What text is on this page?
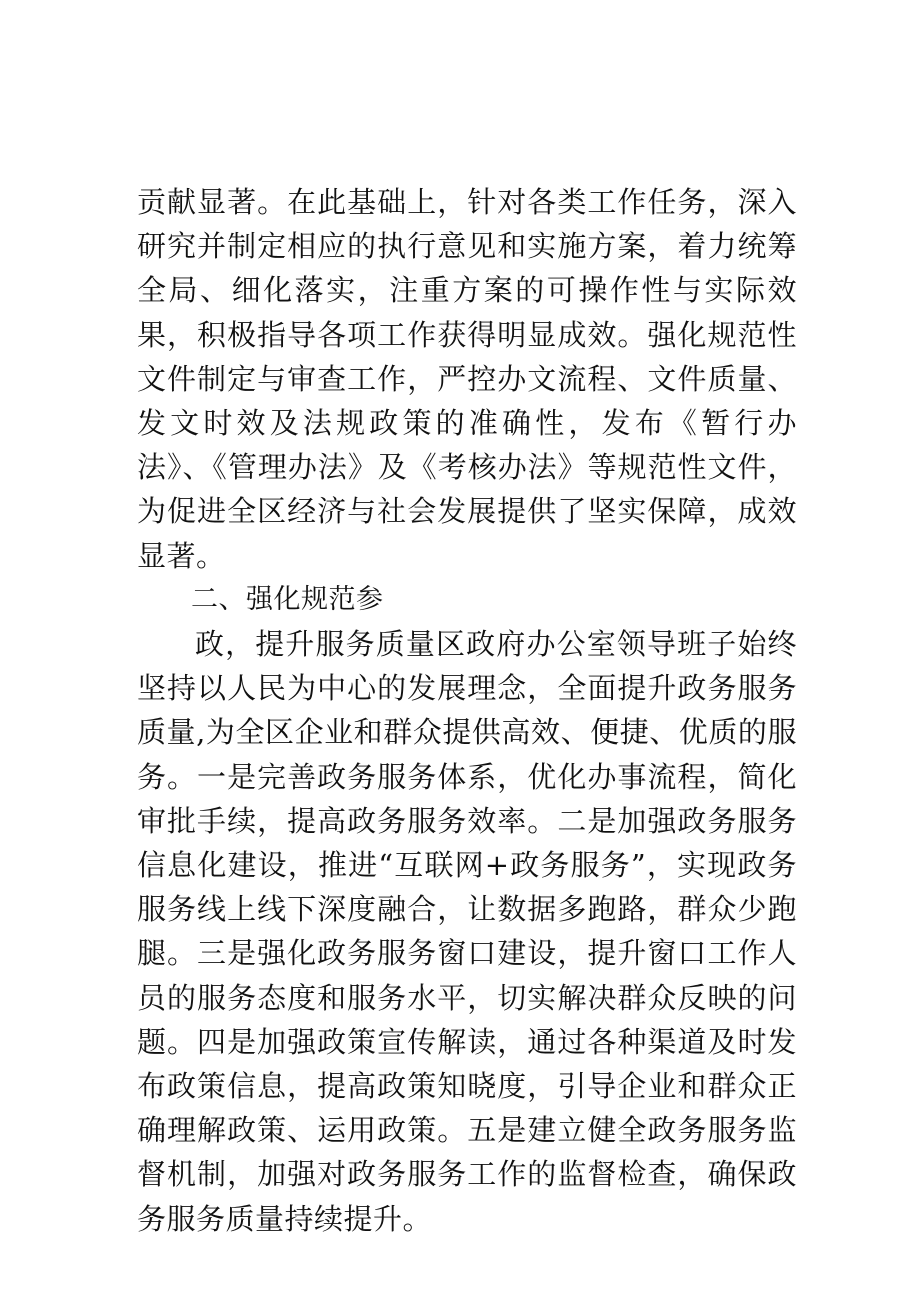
贡献显著。在此基础上，针对各类工作任务，深入研究并制定相应的执行意见和实施方案，着力统筹全局、细化落实，注重方案的可操作性与实际效果，积极指导各项工作获得明显成效。强化规范性文件制定与审查工作，严控办文流程、文件质量、发文时效及法规政策的准确性，发布《暂行办法》、《管理办法》及《考核办法》等规范性文件，为促进全区经济与社会发展提供了坚实保障，成效显著。

二、强化规范参

政，提升服务质量区政府办公室领导班子始终坚持以人民为中心的发展理念，全面提升政务服务质量,为全区企业和群众提供高效、便捷、优质的服务。一是完善政务服务体系，优化办事流程，简化审批手续，提高政务服务效率。二是加强政务服务信息化建设，推进“互联网+政务服务”，实现政务服务线上线下深度融合，让数据多跑路，群众少跑腿。三是强化政务服务窗口建设，提升窗口工作人员的服务态度和服务水平，切实解决群众反映的问题。四是加强政策宣传解读，通过各种渠道及时发布政策信息，提高政策知晓度，引导企业和群众正确理解政策、运用政策。五是建立健全政务服务监督机制，加强对政务服务工作的监督检查，确保政务服务质量持续提升。
